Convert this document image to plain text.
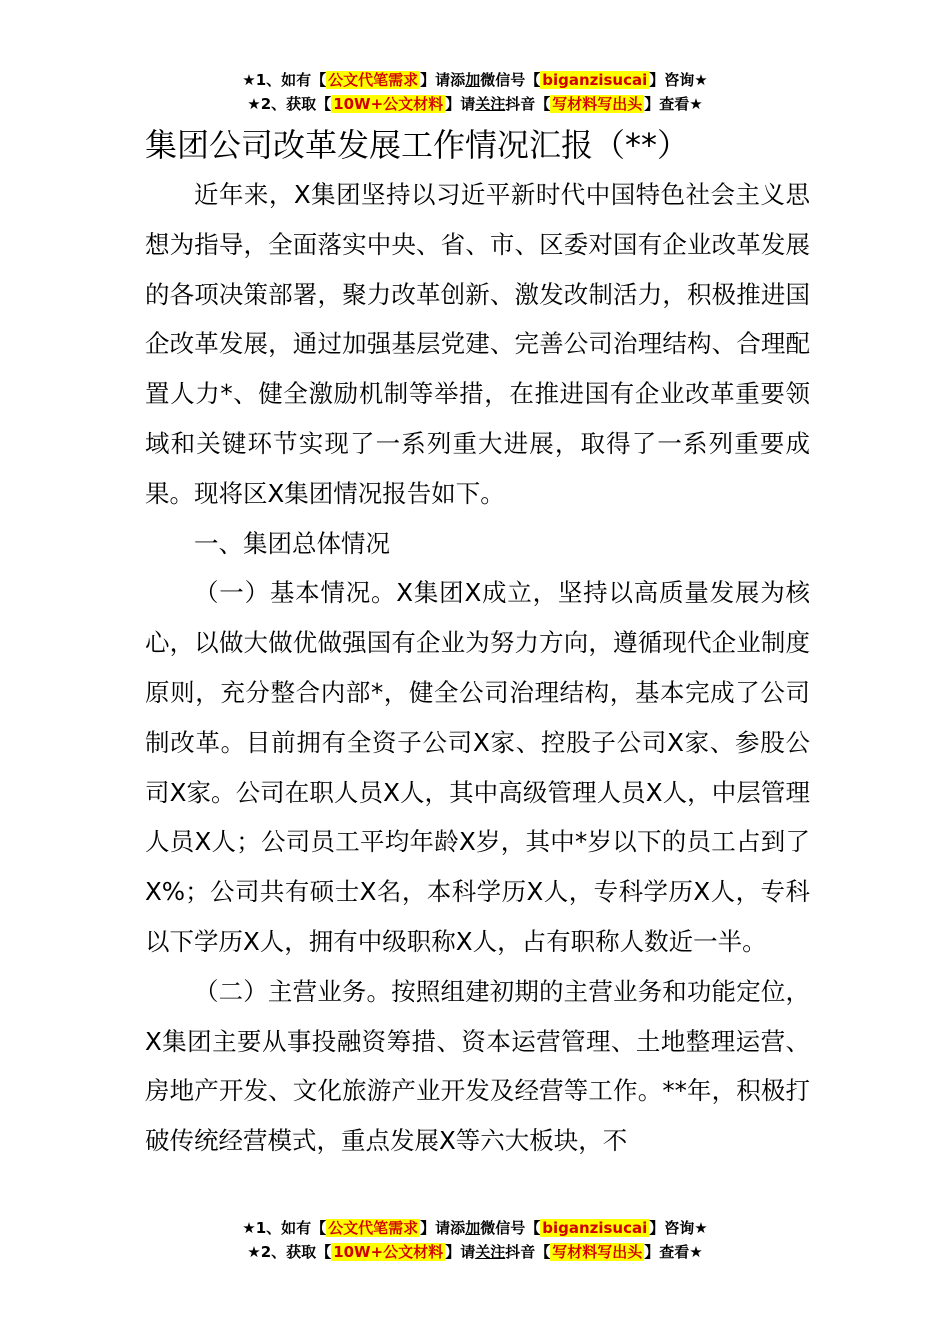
★1、如有【 公文代笔需求 】请添加微信号【 biganzisucai 】咨询★
★2、获取【 10W+公文材料 】请关注抖音【 写材料写出头 】查看★
集团公司改革发展工作情况汇报（**）

近年来，X集团坚持以习近平新时代中国特色社会主义思想为指导，全面落实中央、省、市、区委对国有企业改革发展的各项决策部署，聚力改革创新、激发改制活力，积极推进国企改革发展，通过加强基层党建、完善公司治理结构、合理配置人力*、健全激励机制等举措，在推进国有企业改革重要领域和关键环节实现了一系列重大进展，取得了一系列重要成果。现将区X集团情况报告如下。

一、集团总体情况

（一）基本情况。X集团X成立，坚持以高质量发展为核心，以做大做优做强国有企业为努力方向，遵循现代企业制度原则，充分整合内部*，健全公司治理结构，基本完成了公司制改革。目前拥有全资子公司X家、控股子公司X家、参股公司X家。公司在职人员X人，其中高级管理人员X人，中层管理人员X人；公司员工平均年龄X岁，其中*岁以下的员工占到了X%；公司共有硕士X名，本科学历X人，专科学历X人，专科以下学历X人，拥有中级职称X人，占有职称人数近一半。

（二）主营业务。按照组建初期的主营业务和功能定位，X集团主要从事投融资筹措、资本运营管理、土地整理运营、房地产开发、文化旅游产业开发及经营等工作。**年，积极打破传统经营模式，重点发展X等六大板块，不

★1、如有【 公文代笔需求 】请添加微信号【 biganzisucai 】咨询★
★2、获取【 10W+公文材料 】请关注抖音【 写材料写出头 】查看★
